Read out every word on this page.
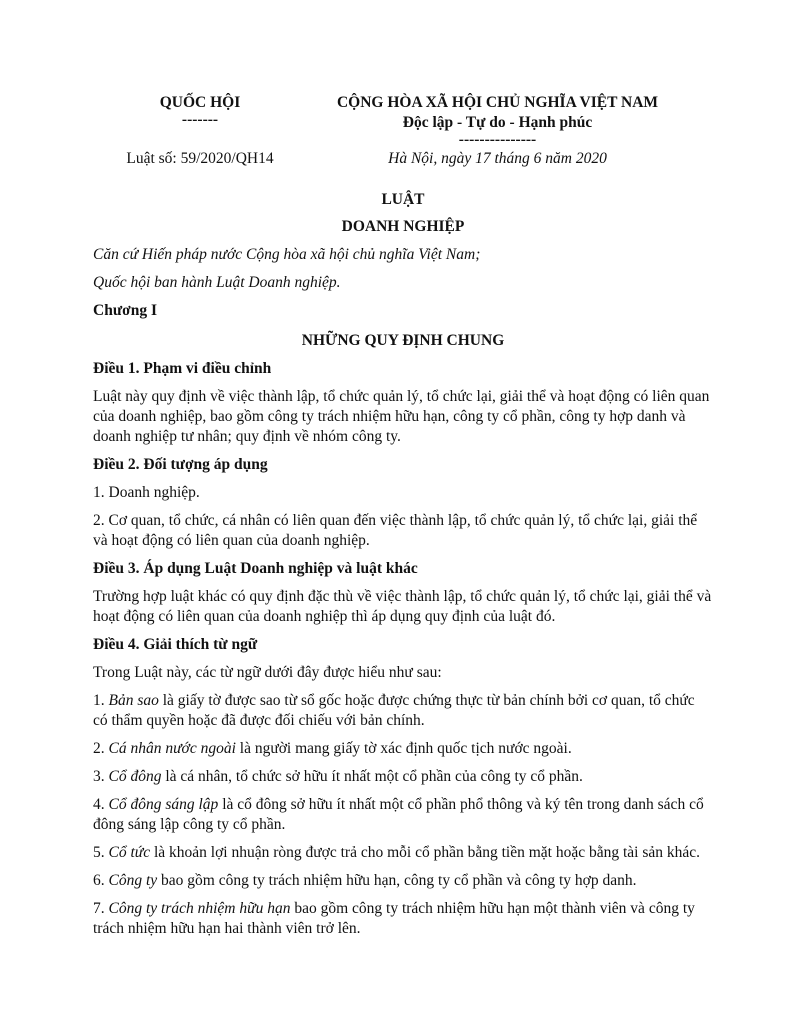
QUỐC HỘI
-------
CỘNG HÒA XÃ HỘI CHỦ NGHĨA VIỆT NAM
Độc lập - Tự do - Hạnh phúc
---------------
Luật số: 59/2020/QH14	Hà Nội, ngày 17 tháng 6 năm 2020

LUẬT

DOANH NGHIỆP

Căn cứ Hiến pháp nước Cộng hòa xã hội chủ nghĩa Việt Nam;

Quốc hội ban hành Luật Doanh nghiệp.

Chương I

NHỮNG QUY ĐỊNH CHUNG

Điều 1. Phạm vi điều chỉnh

Luật này quy định về việc thành lập, tổ chức quản lý, tổ chức lại, giải thể và hoạt động có liên quan của doanh nghiệp, bao gồm công ty trách nhiệm hữu hạn, công ty cổ phần, công ty hợp danh và doanh nghiệp tư nhân; quy định về nhóm công ty.

Điều 2. Đối tượng áp dụng

1. Doanh nghiệp.

2. Cơ quan, tổ chức, cá nhân có liên quan đến việc thành lập, tổ chức quản lý, tổ chức lại, giải thể và hoạt động có liên quan của doanh nghiệp.

Điều 3. Áp dụng Luật Doanh nghiệp và luật khác

Trường hợp luật khác có quy định đặc thù về việc thành lập, tổ chức quản lý, tổ chức lại, giải thể và hoạt động có liên quan của doanh nghiệp thì áp dụng quy định của luật đó.

Điều 4. Giải thích từ ngữ

Trong Luật này, các từ ngữ dưới đây được hiểu như sau:

1. Bản sao là giấy tờ được sao từ sổ gốc hoặc được chứng thực từ bản chính bởi cơ quan, tổ chức có thẩm quyền hoặc đã được đối chiếu với bản chính.

2. Cá nhân nước ngoài là người mang giấy tờ xác định quốc tịch nước ngoài.

3. Cổ đông là cá nhân, tổ chức sở hữu ít nhất một cổ phần của công ty cổ phần.

4. Cổ đông sáng lập là cổ đông sở hữu ít nhất một cổ phần phổ thông và ký tên trong danh sách cổ đông sáng lập công ty cổ phần.

5. Cổ tức là khoản lợi nhuận ròng được trả cho mỗi cổ phần bằng tiền mặt hoặc bằng tài sản khác.

6. Công ty bao gồm công ty trách nhiệm hữu hạn, công ty cổ phần và công ty hợp danh.

7. Công ty trách nhiệm hữu hạn bao gồm công ty trách nhiệm hữu hạn một thành viên và công ty trách nhiệm hữu hạn hai thành viên trở lên.
